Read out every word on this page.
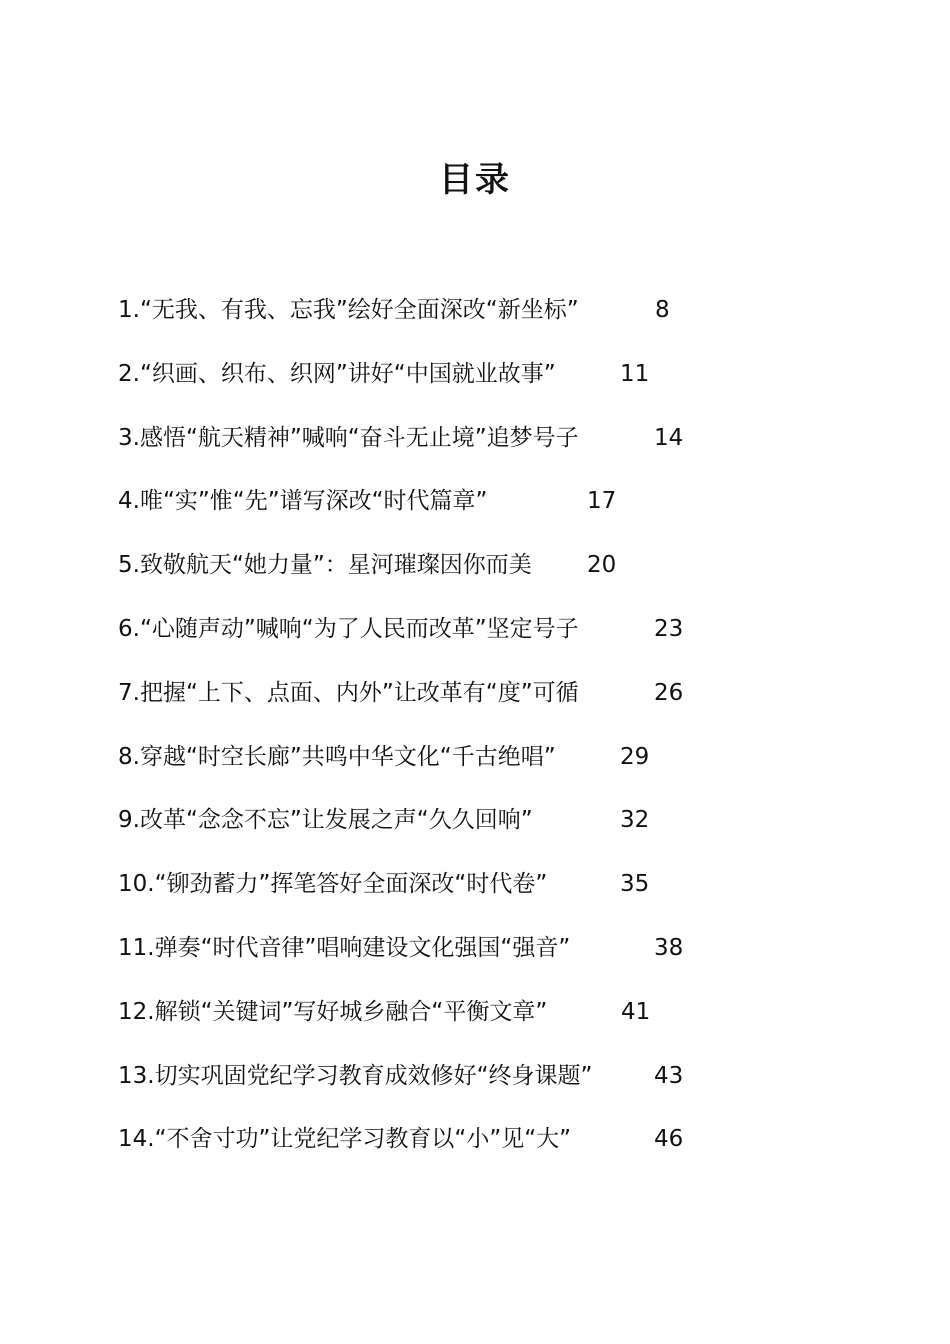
目录
1.“无我、有我、忘我”绘好全面深改“新坐标”	8
2.“织画、织布、织网”讲好“中国就业故事”	11
3.感悟“航天精神”喊响“奋斗无止境”追梦号子	14
4.唯“实”惟“先”谱写深改“时代篇章”	17
5.致敬航天“她力量”：星河璀璨因你而美	20
6.“心随声动”喊响“为了人民而改革”坚定号子	23
7.把握“上下、点面、内外”让改革有“度”可循	26
8.穿越“时空长廊”共鸣中华文化“千古绝唱”	29
9.改革“念念不忘”让发展之声“久久回响”	32
10.“铆劲蓄力”挥笔答好全面深改“时代卷”	35
11.弹奏“时代音律”唱响建设文化强国“强音”	38
12.解锁“关键词”写好城乡融合“平衡文章”	41
13.切实巩固党纪学习教育成效修好“终身课题”	43
14.“不舍寸功”让党纪学习教育以“小”见“大”	46
